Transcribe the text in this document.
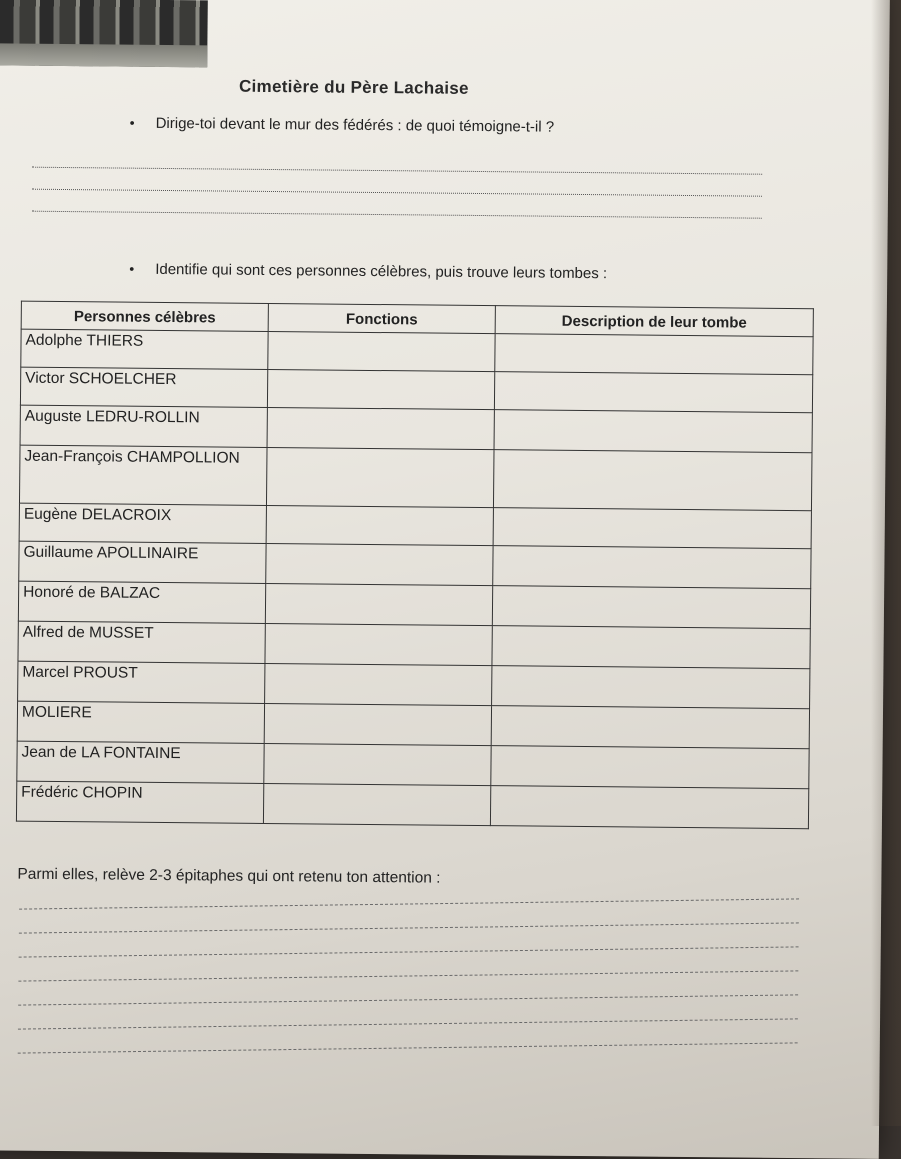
Cimetière du Père Lachaise
• Dirige-toi devant le mur des fédérés : de quoi témoigne-t-il ?
• Identifie qui sont ces personnes célèbres, puis trouve leurs tombes :
Personnes célèbres	Fonctions	Description de leur tombe
Adolphe THIERS		
Victor SCHOELCHER		
Auguste LEDRU-ROLLIN		
Jean-François CHAMPOLLION		
Eugène DELACROIX		
Guillaume APOLLINAIRE		
Honoré de BALZAC		
Alfred de MUSSET		
Marcel PROUST		
MOLIERE		
Jean de LA FONTAINE		
Frédéric CHOPIN		
Parmi elles, relève 2-3 épitaphes qui ont retenu ton attention :
